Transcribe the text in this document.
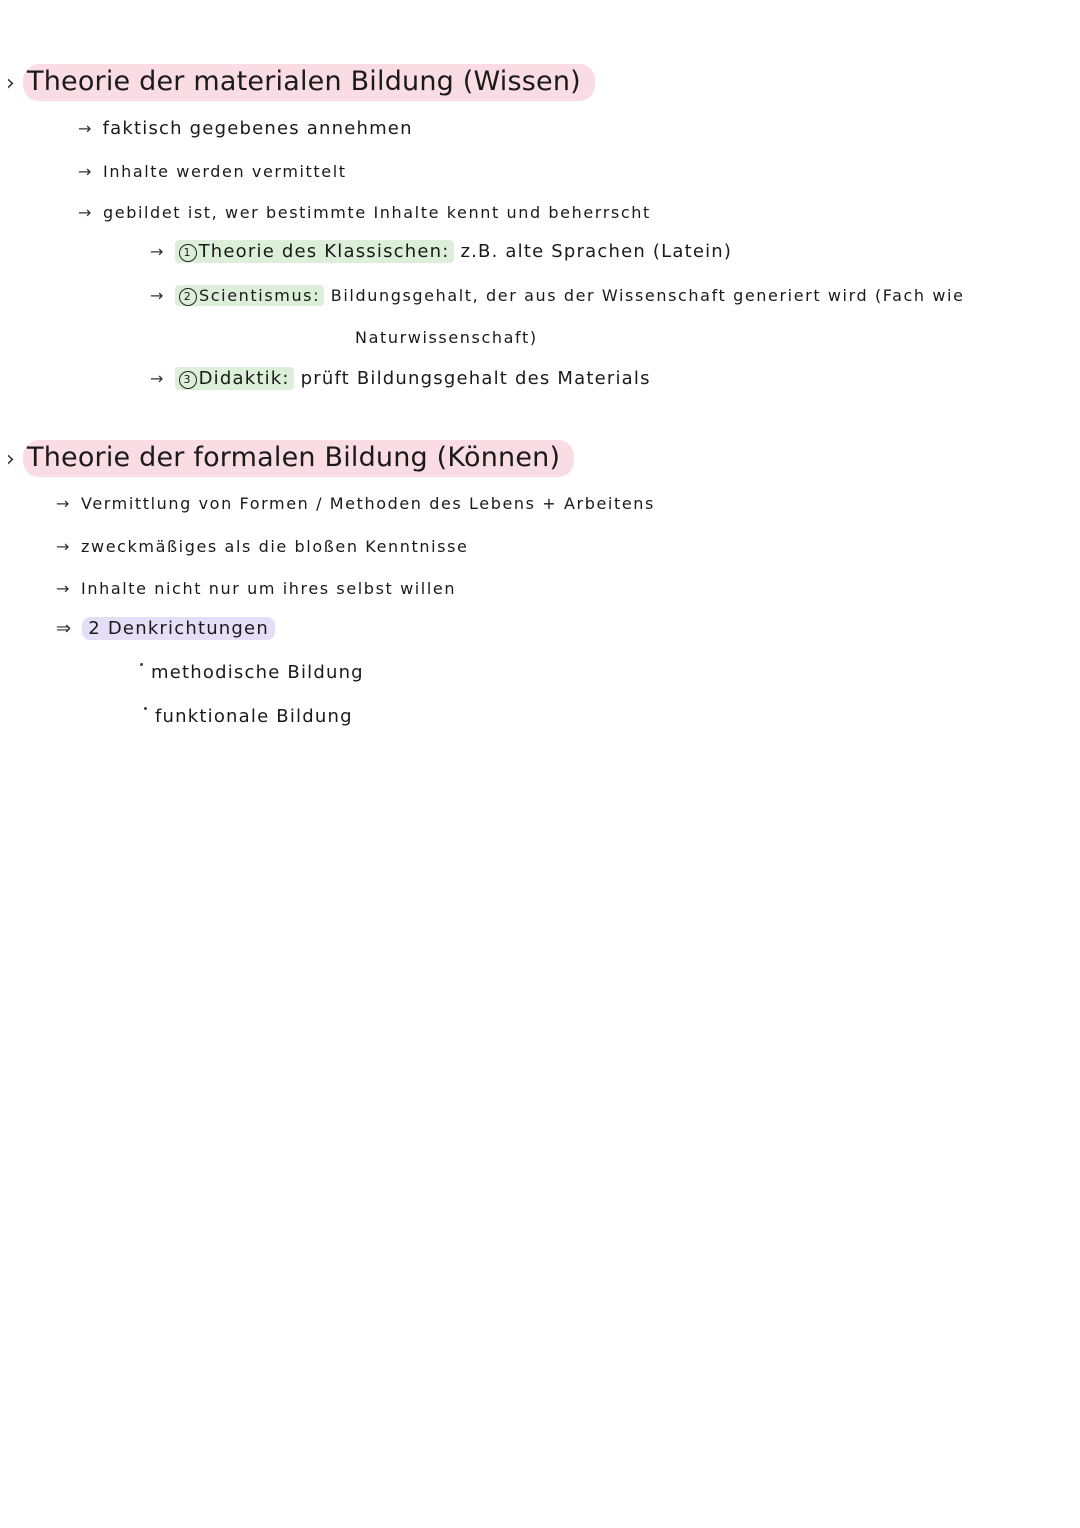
› Theorie der materialen Bildung (Wissen)
→ faktisch gegebenes annehmen
→ Inhalte werden vermittelt
→ gebildet ist, wer bestimmte Inhalte kennt und beherrscht
→ 1 Theorie des Klassischen: z.B. alte Sprachen (Latein)
→ 2 Scientismus: Bildungsgehalt, der aus der Wissenschaft generiert wird (Fach wie
Naturwissenschaft)
→ 3 Didaktik: prüft Bildungsgehalt des Materials
› Theorie der formalen Bildung (Können)
→ Vermittlung von Formen / Methoden des Lebens + Arbeitens
→ zweckmäßiges als die bloßen Kenntnisse
→ Inhalte nicht nur um ihres selbst willen
⇒ 2 Denkrichtungen
methodische Bildung
funktionale Bildung
